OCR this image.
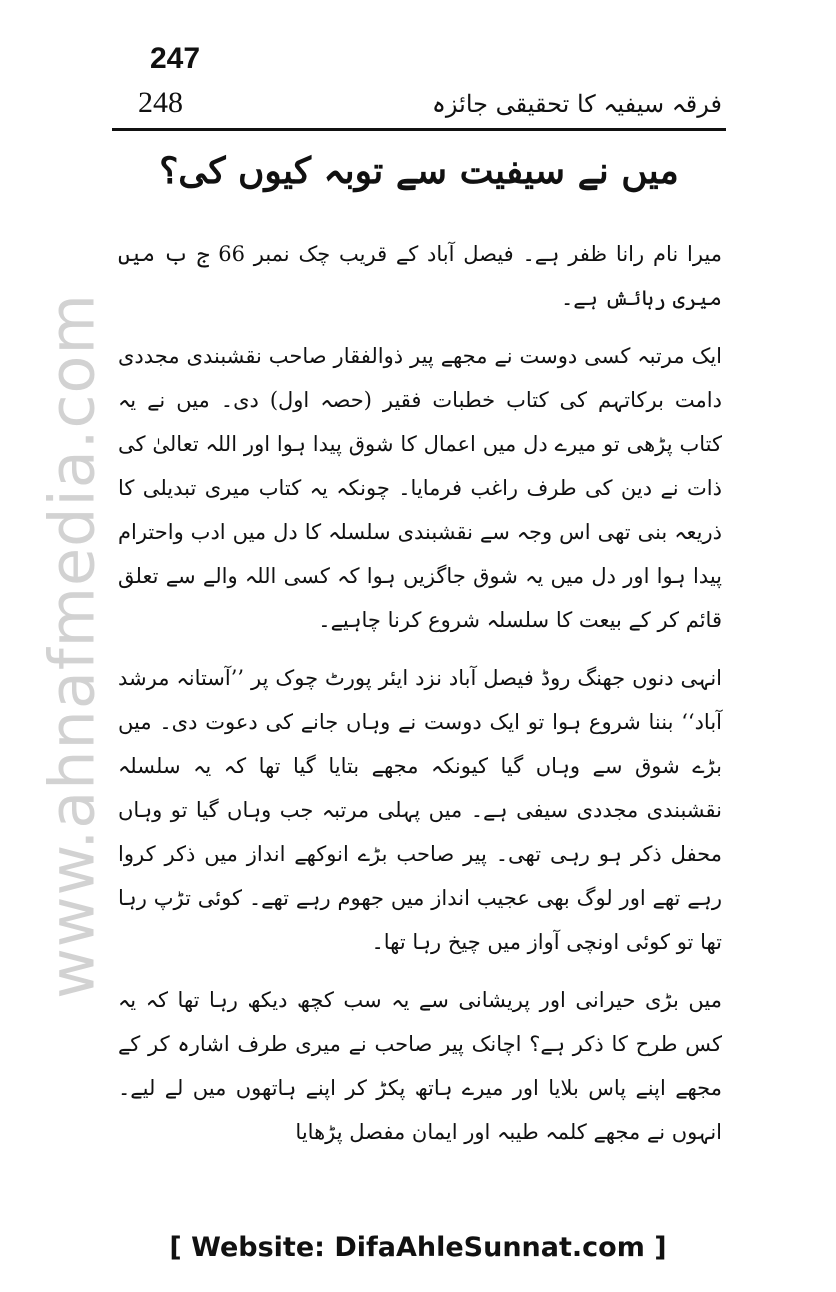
www.ahnafmedia.com
247
248	فرقہ سیفیہ کا تحقیقی جائزہ
میں نے سیفیت سے توبہ کیوں کی؟

میرا نام رانا ظفر ہے۔ فیصل آباد کے قریب چک نمبر 66 ج ب میں میری رہائش ہے۔

ایک مرتبہ کسی دوست نے مجھے پیر ذوالفقار صاحب نقشبندی مجددی دامت برکاتہم کی کتاب خطبات فقیر (حصہ اول) دی۔ میں نے یہ کتاب پڑھی تو میرے دل میں اعمال کا شوق پیدا ہوا اور اللہ تعالیٰ کی ذات نے دین کی طرف راغب فرمایا۔ چونکہ یہ کتاب میری تبدیلی کا ذریعہ بنی تھی اس وجہ سے نقشبندی سلسلہ کا دل میں ادب واحترام پیدا ہوا اور دل میں یہ شوق جاگزیں ہوا کہ کسی اللہ والے سے تعلق قائم کر کے بیعت کا سلسلہ شروع کرنا چاہیے۔

انہی دنوں جھنگ روڈ فیصل آباد نزد ایئر پورٹ چوک پر ’’آستانہ مرشد آباد‘‘ بننا شروع ہوا تو ایک دوست نے وہاں جانے کی دعوت دی۔ میں بڑے شوق سے وہاں گیا کیونکہ مجھے بتایا گیا تھا کہ یہ سلسلہ نقشبندی مجددی سیفی ہے۔ میں پہلی مرتبہ جب وہاں گیا تو وہاں محفل ذکر ہو رہی تھی۔ پیر صاحب بڑے انوکھے انداز میں ذکر کروا رہے تھے اور لوگ بھی عجیب انداز میں جھوم رہے تھے۔ کوئی تڑپ رہا تھا تو کوئی اونچی آواز میں چیخ رہا تھا۔

میں بڑی حیرانی اور پریشانی سے یہ سب کچھ دیکھ رہا تھا کہ یہ کس طرح کا ذکر ہے؟ اچانک پیر صاحب نے میری طرف اشارہ کر کے مجھے اپنے پاس بلایا اور میرے ہاتھ پکڑ کر اپنے ہاتھوں میں لے لیے۔ انہوں نے مجھے کلمہ طیبہ اور ایمان مفصل پڑھایا

[ Website: DifaAhleSunnat.com ]
